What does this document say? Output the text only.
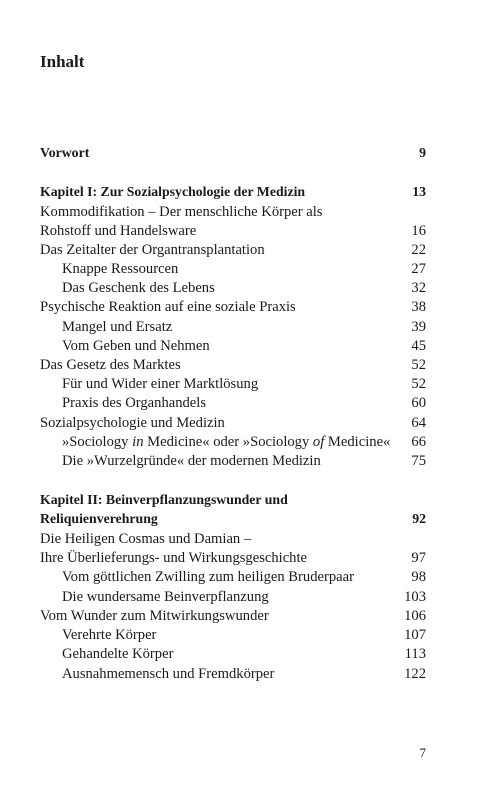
Inhalt
Vorwort	9
Kapitel I: Zur Sozialpsychologie der Medizin	13
Kommodifikation – Der menschliche Körper als
Rohstoff und Handelsware	16
Das Zeitalter der Organtransplantation	22
Knappe Ressourcen	27
Das Geschenk des Lebens	32
Psychische Reaktion auf eine soziale Praxis	38
Mangel und Ersatz	39
Vom Geben und Nehmen	45
Das Gesetz des Marktes	52
Für und Wider einer Marktlösung	52
Praxis des Organhandels	60
Sozialpsychologie und Medizin	64
»Sociology in Medicine« oder »Sociology of Medicine«	66
Die »Wurzelgründe« der modernen Medizin	75
Kapitel II: Beinverpflanzungswunder und
Reliquienverehrung	92
Die Heiligen Cosmas und Damian –
Ihre Überlieferungs- und Wirkungsgeschichte	97
Vom göttlichen Zwilling zum heiligen Bruderpaar	98
Die wundersame Beinverpflanzung	103
Vom Wunder zum Mitwirkungswunder	106
Verehrte Körper	107
Gehandelte Körper	113
Ausnahmemensch und Fremdkörper	122
7
